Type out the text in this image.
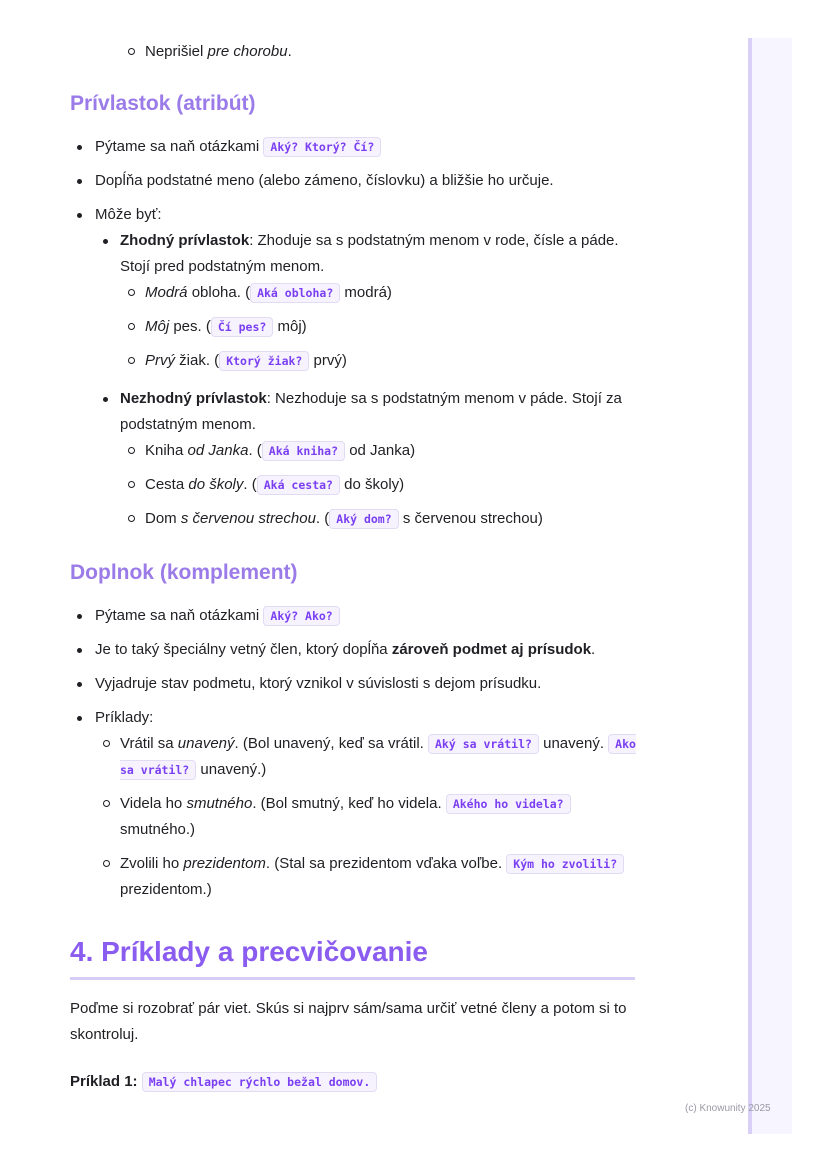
Neprišiel pre chorobu.
Prívlastok (atribút)
Pýtame sa naň otázkami Aký? Ktorý? Čí?
Dopĺňa podstatné meno (alebo zámeno, číslovku) a bližšie ho určuje.
Môže byť:
Zhodný prívlastok: Zhoduje sa s podstatným menom v rode, čísle a páde. Stojí pred podstatným menom.
Modrá obloha. ( Aká obloha? modrá)
Môj pes. ( Čí pes? môj)
Prvý žiak. ( Ktorý žiak? prvý)
Nezhodný prívlastok: Nezhoduje sa s podstatným menom v páde. Stojí za podstatným menom.
Kniha od Janka. ( Aká kniha? od Janka)
Cesta do školy. ( Aká cesta? do školy)
Dom s červenou strechou. ( Aký dom? s červenou strechou)
Doplnok (komplement)
Pýtame sa naň otázkami Aký? Ako?
Je to taký špeciálny vetný člen, ktorý dopĺňa zároveň podmet aj prísudok.
Vyjadruje stav podmetu, ktorý vznikol v súvislosti s dejom prísudku.
Príklady:
Vrátil sa unavený. (Bol unavený, keď sa vrátil. Aký sa vrátil? unavený. Ako sa vrátil? unavený.)
Videla ho smutného. (Bol smutný, keď ho videla. Akého ho videla? smutného.)
Zvolili ho prezidentom. (Stal sa prezidentom vďaka voľbe. Kým ho zvolili? prezidentom.)
4. Príklady a precvičovanie

Poďme si rozobrať pár viet. Skús si najprv sám/sama určiť vetné členy a potom si to skontroluj.

Príklad 1: Malý chlapec rýchlo bežal domov.

(c) Knowunity 2025
